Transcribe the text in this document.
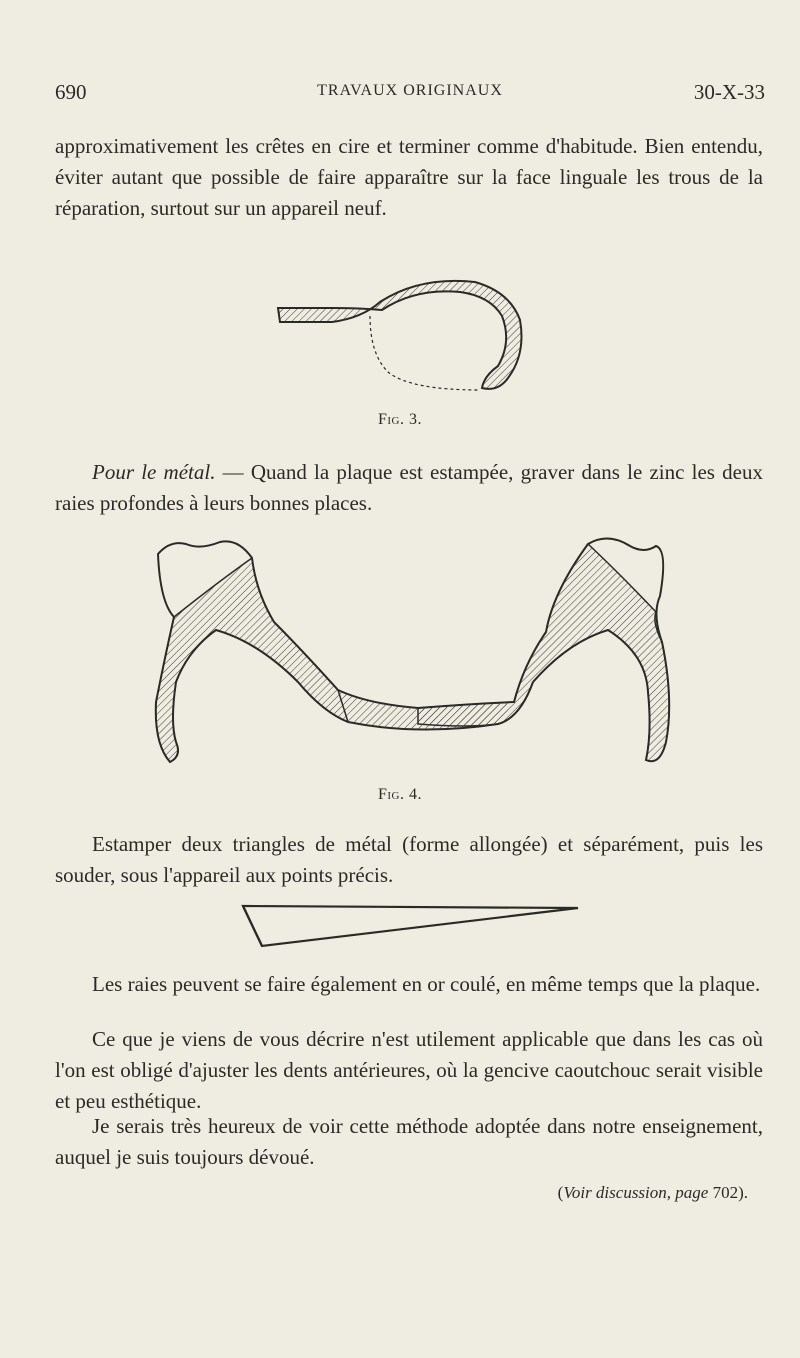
690	TRAVAUX ORIGINAUX	30-X-33

approximativement les crêtes en cire et terminer comme d'habitude. Bien entendu, éviter autant que possible de faire apparaître sur la face linguale les trous de la réparation, surtout sur un appareil neuf.

Fig. 3.

Pour le métal. — Quand la plaque est estampée, graver dans le zinc les deux raies profondes à leurs bonnes places.

Fig. 4.

Estamper deux triangles de métal (forme allongée) et séparément, puis les souder, sous l'appareil aux points précis.

Les raies peuvent se faire également en or coulé, en même temps que la plaque.

Ce que je viens de vous décrire n'est utilement applicable que dans les cas où l'on est obligé d'ajuster les dents antérieures, où la gencive caoutchouc serait visible et peu esthétique.

Je serais très heureux de voir cette méthode adoptée dans notre enseignement, auquel je suis toujours dévoué.

(Voir discussion, page 702).
